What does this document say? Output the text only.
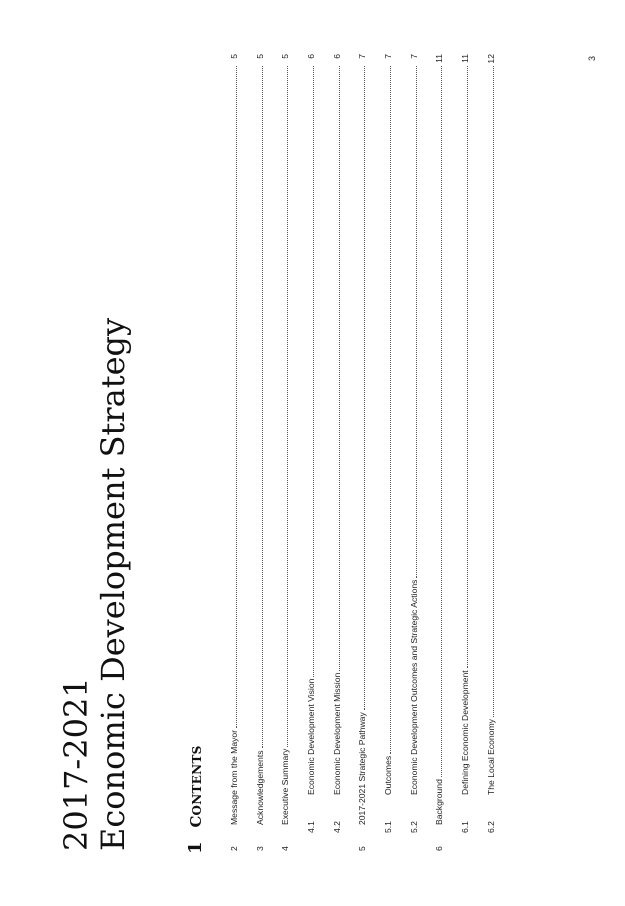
2017-2021
Economic Development Strategy	1CONTENTS
2
Message from the Mayor
5
3
Acknowledgements
5
4
Executive Summary
5
4.1
Economic Development Vision
6
4.2
Economic Development Mission
6
5
2017-2021 Strategic Pathway
7
5.1
Outcomes
7
5.2
Economic Development Outcomes and Strategic Actions
7
6
Background
11
6.1
Defining Economic Development
11
6.2
The Local Economy
12	3
